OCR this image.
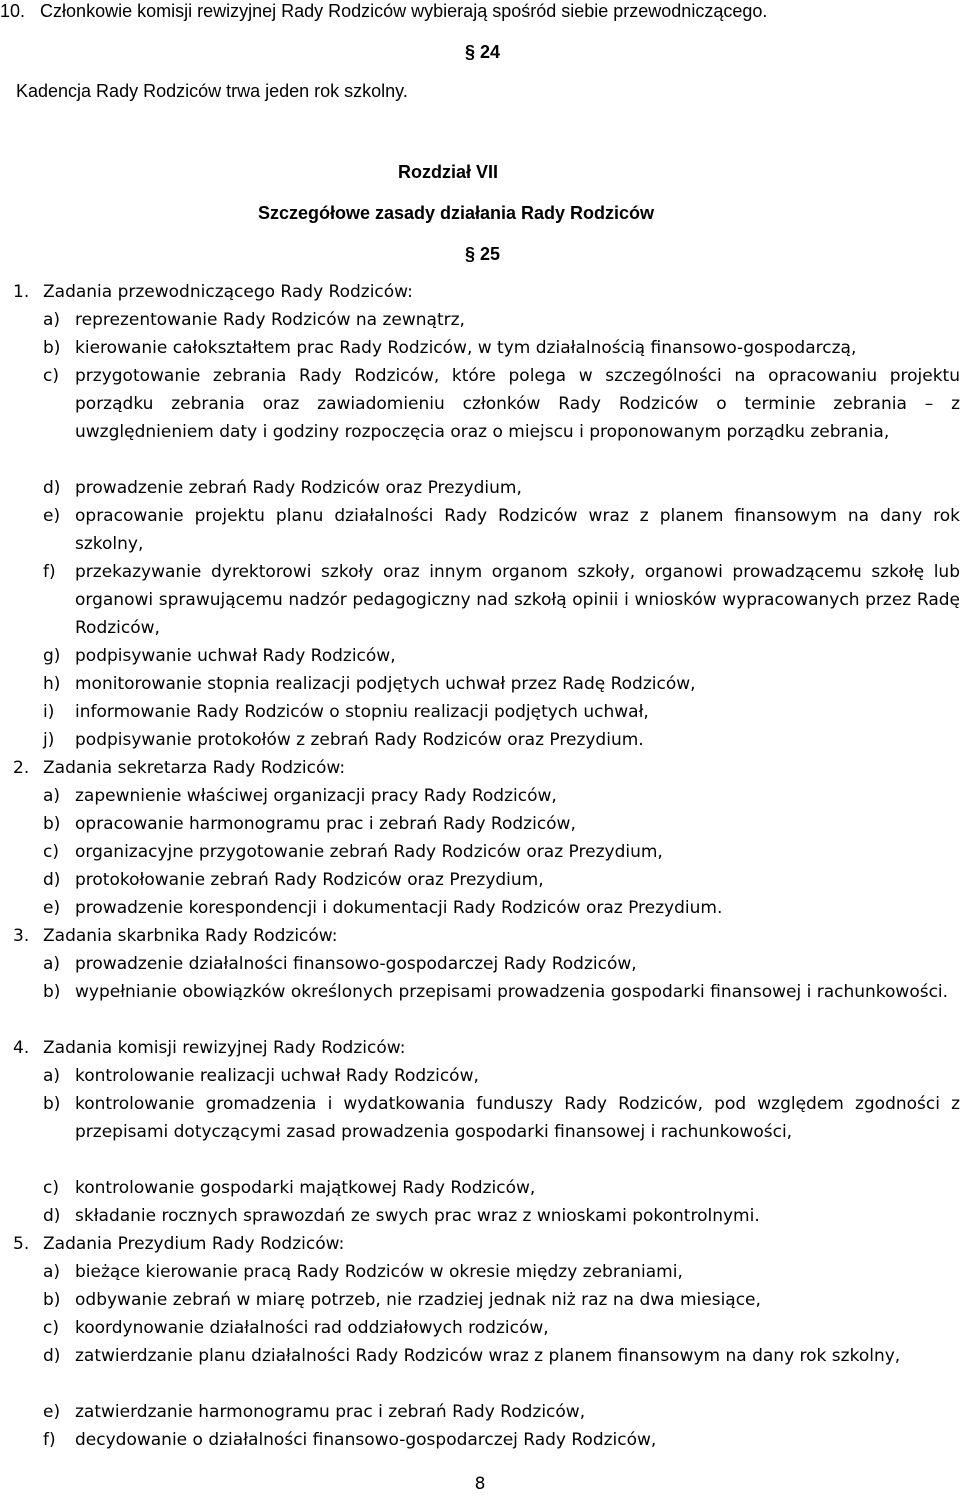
10. Członkowie komisji rewizyjnej Rady Rodziców wybierają spośród siebie przewodniczącego.
§ 24
Kadencja Rady Rodziców trwa jeden rok szkolny.
Rozdział VII
Szczegółowe zasady działania Rady Rodziców
§ 25
1. Zadania przewodniczącego Rady Rodziców:
a) reprezentowanie Rady Rodziców na zewnątrz,
b) kierowanie całokształtem prac Rady Rodziców, w tym działalnością finansowo-gospodarczą,
c) przygotowanie zebrania Rady Rodziców, które polega w szczególności na opracowaniu projektu porządku zebrania oraz zawiadomieniu członków Rady Rodziców o terminie zebrania – z uwzględnieniem daty i godziny rozpoczęcia oraz o miejscu i proponowanym porządku zebrania,
d) prowadzenie zebrań Rady Rodziców oraz Prezydium,
e) opracowanie projektu planu działalności Rady Rodziców wraz z planem finansowym na dany rok szkolny,
f) przekazywanie dyrektorowi szkoły oraz innym organom szkoły, organowi prowadzącemu szkołę lub organowi sprawującemu nadzór pedagogiczny nad szkołą opinii i wniosków wypracowanych przez Radę Rodziców,
g) podpisywanie uchwał Rady Rodziców,
h) monitorowanie stopnia realizacji podjętych uchwał przez Radę Rodziców,
i) informowanie Rady Rodziców o stopniu realizacji podjętych uchwał,
j) podpisywanie protokołów z zebrań Rady Rodziców oraz Prezydium.
2. Zadania sekretarza Rady Rodziców:
a) zapewnienie właściwej organizacji pracy Rady Rodziców,
b) opracowanie harmonogramu prac i zebrań Rady Rodziców,
c) organizacyjne przygotowanie zebrań Rady Rodziców oraz Prezydium,
d) protokołowanie zebrań Rady Rodziców oraz Prezydium,
e) prowadzenie korespondencji i dokumentacji Rady Rodziców oraz Prezydium.
3. Zadania skarbnika Rady Rodziców:
a) prowadzenie działalności finansowo-gospodarczej Rady Rodziców,
b) wypełnianie obowiązków określonych przepisami prowadzenia gospodarki finansowej i rachunkowości.
4. Zadania komisji rewizyjnej Rady Rodziców:
a) kontrolowanie realizacji uchwał Rady Rodziców,
b) kontrolowanie gromadzenia i wydatkowania funduszy Rady Rodziców, pod względem zgodności z przepisami dotyczącymi zasad prowadzenia gospodarki finansowej i rachunkowości,
c) kontrolowanie gospodarki majątkowej Rady Rodziców,
d) składanie rocznych sprawozdań ze swych prac wraz z wnioskami pokontrolnymi.
5. Zadania Prezydium Rady Rodziców:
a) bieżące kierowanie pracą Rady Rodziców w okresie między zebraniami,
b) odbywanie zebrań w miarę potrzeb, nie rzadziej jednak niż raz na dwa miesiące,
c) koordynowanie działalności rad oddziałowych rodziców,
d) zatwierdzanie planu działalności Rady Rodziców wraz z planem finansowym na dany rok szkolny,
e) zatwierdzanie harmonogramu prac i zebrań Rady Rodziców,
f) decydowanie o działalności finansowo-gospodarczej Rady Rodziców,
8
